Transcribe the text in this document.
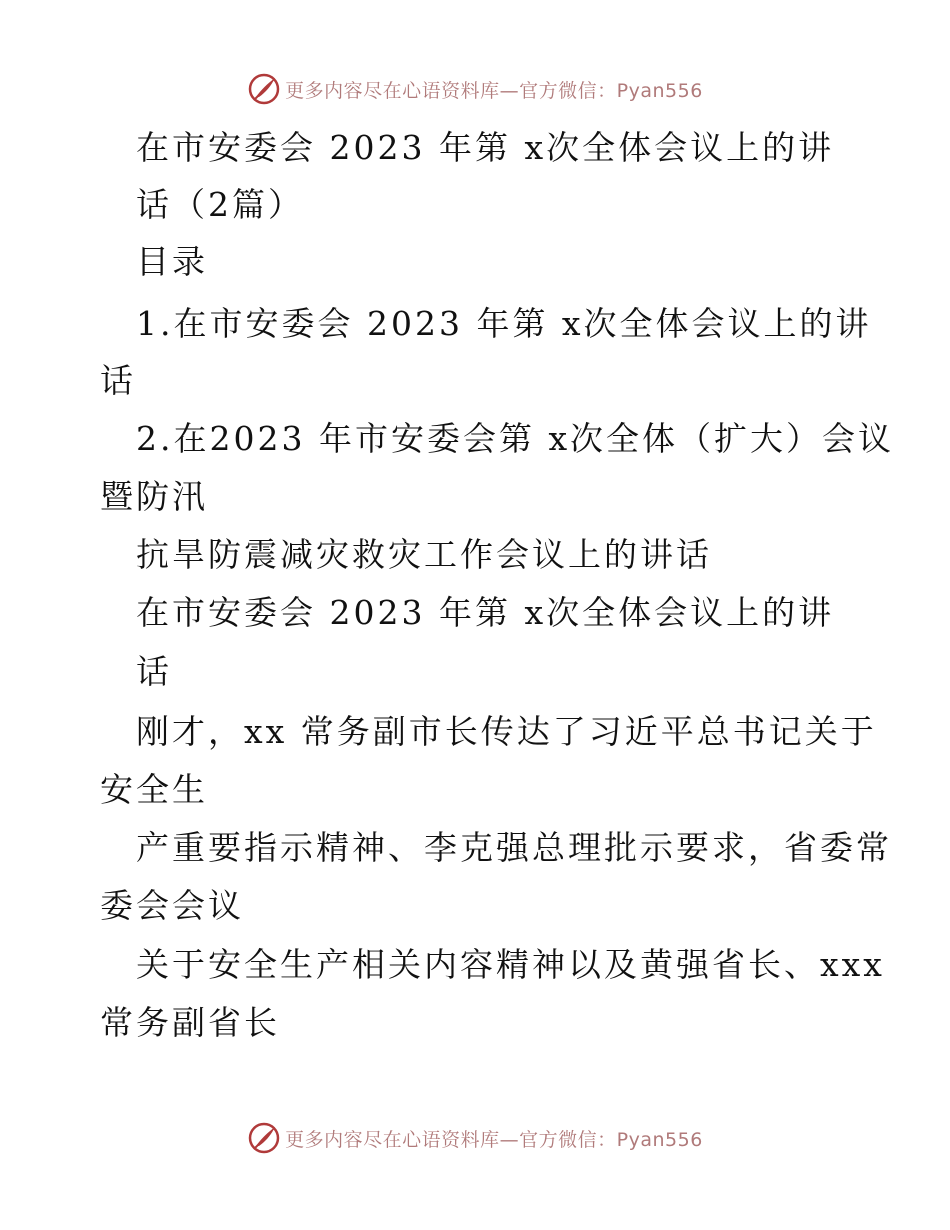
更多内容尽在心语资料库—官方微信：Pyan556
在市安委会 2023 年第 x次全体会议上的讲
话（2篇）
目录
1.在市安委会 2023 年第 x次全体会议上的讲
话
2.在2023 年市安委会第 x次全体（扩大）会议
暨防汛
抗旱防震减灾救灾工作会议上的讲话
在市安委会 2023 年第 x次全体会议上的讲
话
刚才，xx 常务副市长传达了习近平总书记关于
安全生
产重要指示精神、李克强总理批示要求，省委常
委会会议
关于安全生产相关内容精神以及黄强省长、xxx
常务副省长
更多内容尽在心语资料库—官方微信：Pyan556
